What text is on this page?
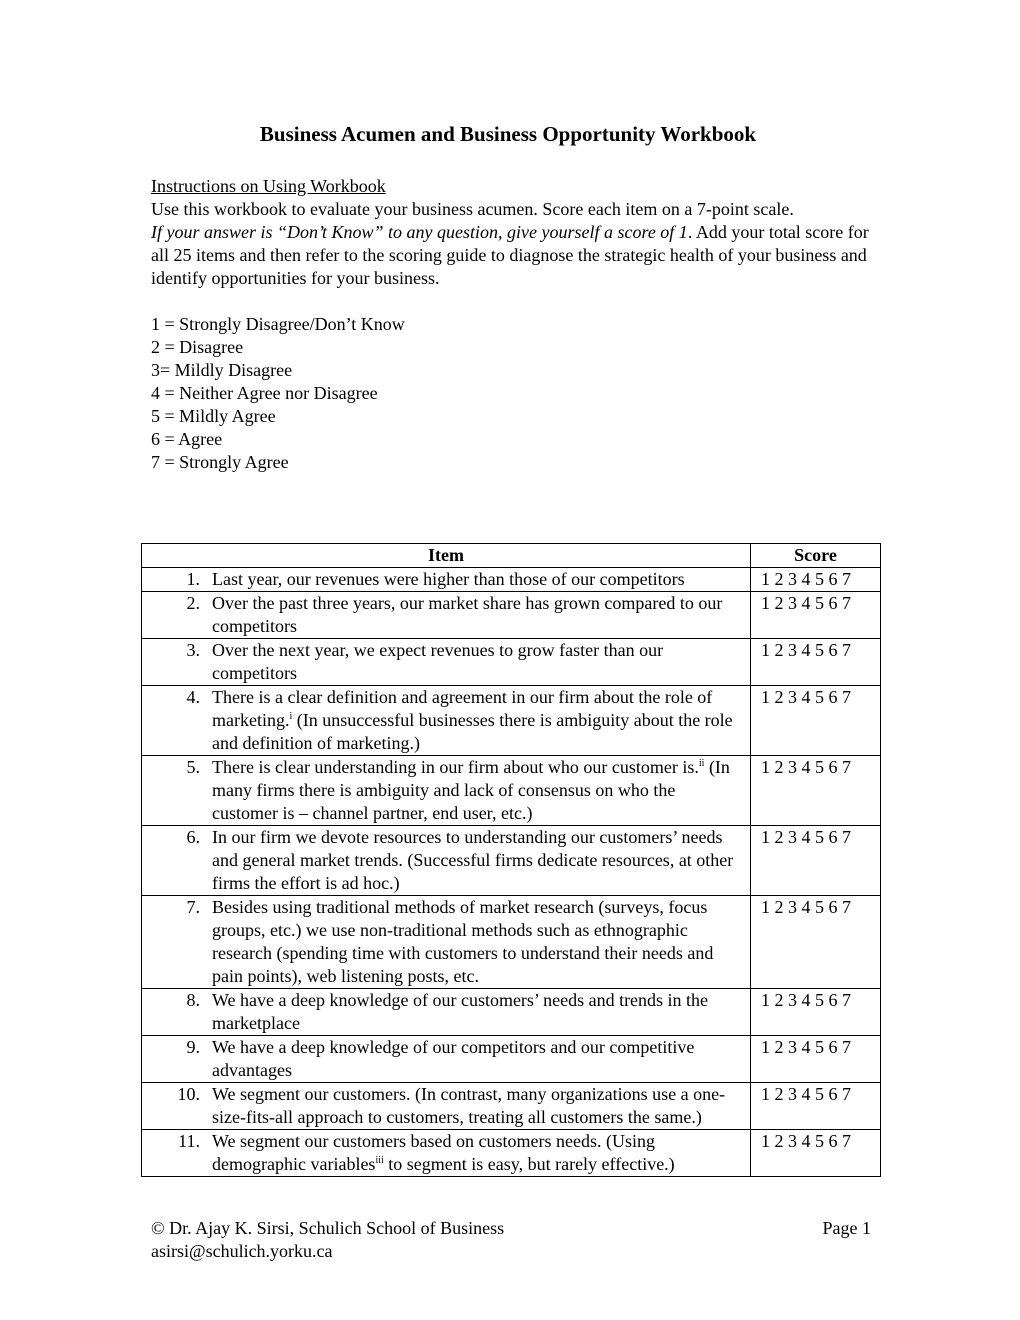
Business Acumen and Business Opportunity Workbook
Instructions on Using Workbook
Use this workbook to evaluate your business acumen. Score each item on a 7-point scale.
If your answer is “Don’t Know” to any question, give yourself a score of 1. Add your total score for all 25 items and then refer to the scoring guide to diagnose the strategic health of your business and identify opportunities for your business.
1 = Strongly Disagree/Don’t Know
2 = Disagree
3= Mildly Disagree
4 = Neither Agree nor Disagree
5 = Mildly Agree
6 = Agree
7 = Strongly Agree
Item	Score

1. Last year, our revenues were higher than those of our competitors	1 2 3 4 5 6 7

2. Over the past three years, our market share has grown compared to our competitors	1 2 3 4 5 6 7

3. Over the next year, we expect revenues to grow faster than our competitors	1 2 3 4 5 6 7

4. There is a clear definition and agreement in our firm about the role of marketing.$^i$ (In unsuccessful businesses there is ambiguity about the role and definition of marketing.)	1 2 3 4 5 6 7

5. There is clear understanding in our firm about who our customer is.$^{ii}$ (In many firms there is ambiguity and lack of consensus on who the customer is – channel partner, end user, etc.)	1 2 3 4 5 6 7

6. In our firm we devote resources to understanding our customers’ needs and general market trends. (Successful firms dedicate resources, at other firms the effort is ad hoc.)	1 2 3 4 5 6 7

7. Besides using traditional methods of market research (surveys, focus groups, etc.) we use non-traditional methods such as ethnographic research (spending time with customers to understand their needs and pain points), web listening posts, etc.	1 2 3 4 5 6 7

8. We have a deep knowledge of our customers’ needs and trends in the marketplace	1 2 3 4 5 6 7

9. We have a deep knowledge of our competitors and our competitive advantages	1 2 3 4 5 6 7

10. We segment our customers. (In contrast, many organizations use a one-size-fits-all approach to customers, treating all customers the same.)	1 2 3 4 5 6 7

11. We segment our customers based on customers needs. (Using demographic variables$^{iii}$ to segment is easy, but rarely effective.)	1 2 3 4 5 6 7
© Dr. Ajay K. Sirsi, Schulich School of Business
asirsi@schulich.yorku.ca
Page 1
